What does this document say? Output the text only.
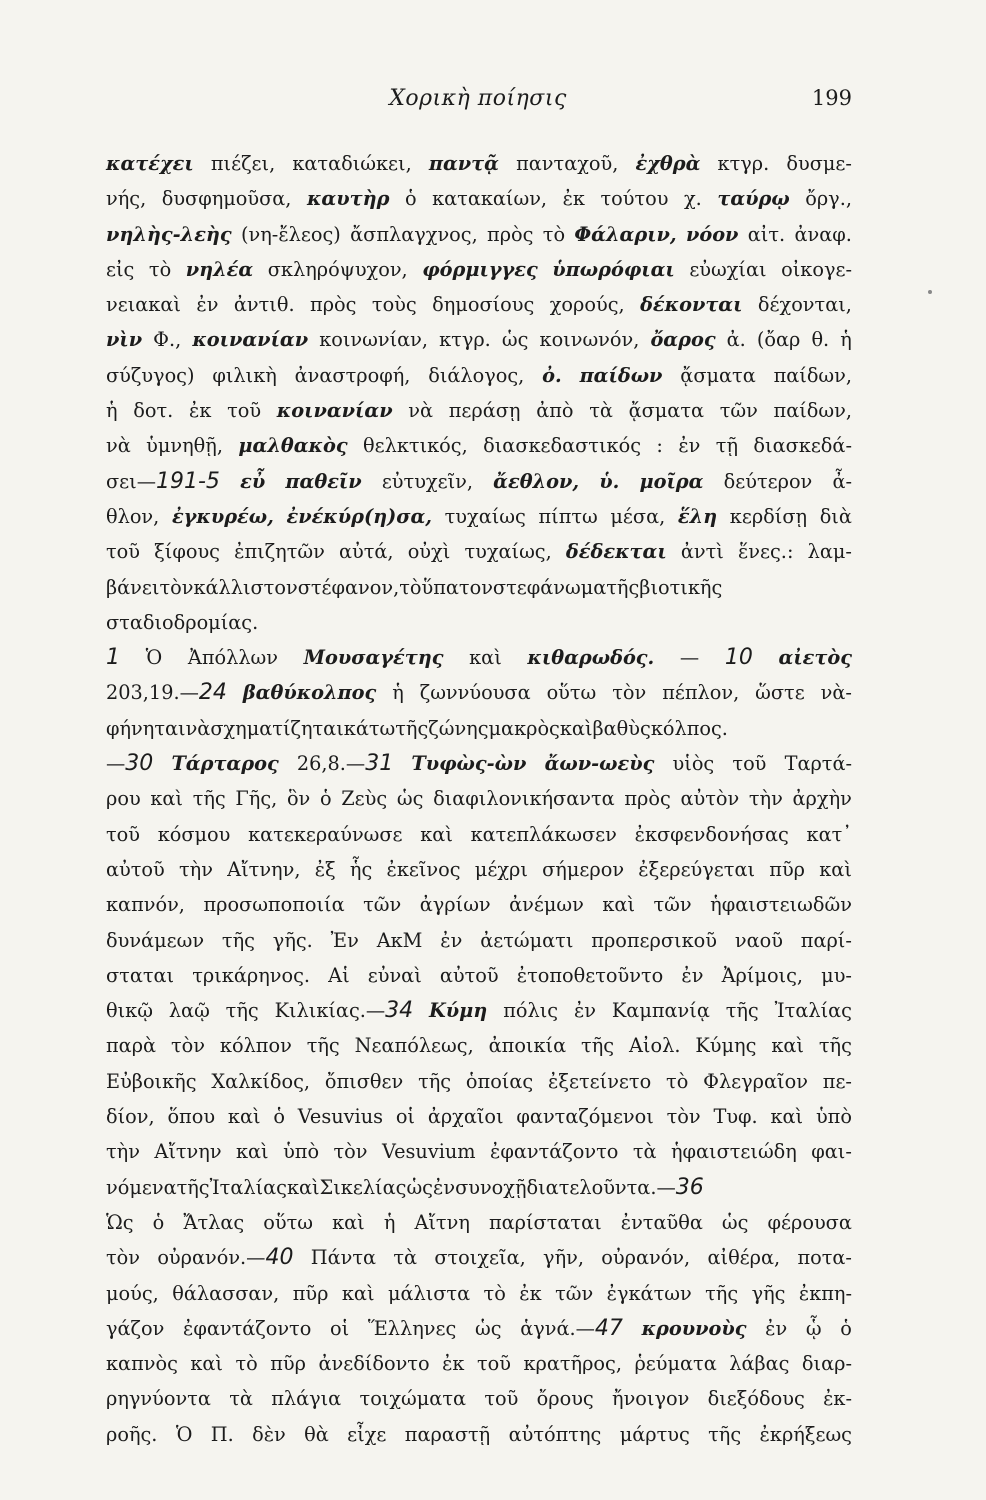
Χορικὴ ποίησις	199
κατέχει πιέζει, καταδιώκει, παντᾷ πανταχοῦ, ἐχθρὰ κτγρ. δυσμε-
νής, δυσφημοῦσα, καυτὴρ ὁ κατακαίων, ἐκ τούτου χ. ταύρῳ ὄργ.,
νηλὴς-λεὴς (νη-ἔλεος) ἄσπλαγχνος, πρὸς τὸ Φάλαριν, νόον αἰτ. ἀναφ.
εἰς τὸ νηλέα σκληρόψυχον, φόρμιγγες ὑπωρόφιαι εὐωχίαι οἰκογε-
νειακαὶ ἐν ἀντιθ. πρὸς τοὺς δημοσίους χορούς, δέκονται δέχονται,
νὶν Φ., κοινανίαν κοινωνίαν, κτγρ. ὡς κοινωνόν, ὄαρος ἀ. (ὄαρ θ. ἡ
σύζυγος) φιλικὴ ἀναστροφή, διάλογος, ὀ. παίδων ᾄσματα παίδων,
ἡ δοτ. ἐκ τοῦ κοινανίαν νὰ περάσῃ ἀπὸ τὰ ᾄσματα τῶν παίδων,
νὰ ὑμνηθῇ, μαλθακὸς θελκτικός, διασκεδαστικός : ἐν τῇ διασκεδά-
σει—191-5 εὖ παθεῖν εὐτυχεῖν, ἄεθλον, ὑ. μοῖρα δεύτερον ἆ-
θλον, ἐγκυρέω, ἐνέκύρ(η)σα, τυχαίως πίπτω μέσα, ἕλη κερδίσῃ διὰ
τοῦ ξίφους ἐπιζητῶν αὐτά, οὐχὶ τυχαίως, δέδεκται ἀντὶ ἕνες.: λαμ-
βάνει τὸν κάλλιστον στέφανον, τὸ ὕπατον στεφάνωμα τῆς βιοτικῆς
σταδιοδρομίας.
1 Ὁ Ἀπόλλων Μουσαγέτης καὶ κιθαρωδός. — 10 αἰετὸς
203,19.—24 βαθύκολπος ἡ ζωννύουσα οὕτω τὸν πέπλον, ὥστε νὰ-
φήνηται νὰ σχηματίζηται κάτω τῆς ζώνης μακρὸς καὶ βαθὺς κόλπος.
—30 Τάρταρος 26,8.—31 Τυφὼς-ὼν ἄων-ωεὺς υἱὸς τοῦ Ταρτά-
ρου καὶ τῆς Γῆς, ὃν ὁ Ζεὺς ὡς διαφιλονικήσαντα πρὸς αὐτὸν τὴν ἀρχὴν
τοῦ κόσμου κατεκεραύνωσε καὶ κατεπλάκωσεν ἐκσφενδονήσας κατ᾽
αὐτοῦ τὴν Αἴτνην, ἐξ ἧς ἐκεῖνος μέχρι σήμερον ἐξερεύγεται πῦρ καὶ
καπνόν, προσωποποιία τῶν ἀγρίων ἀνέμων καὶ τῶν ἡφαιστειωδῶν
δυνάμεων τῆς γῆς. Ἐν ΑκΜ ἐν ἀετώματι προπερσικοῦ ναοῦ παρί-
σταται τρικάρηνος. Αἱ εὐναὶ αὐτοῦ ἐτοποθετοῦντο ἐν Ἀρίμοις, μυ-
θικῷ λαῷ τῆς Κιλικίας.—34 Κύμη πόλις ἐν Καμπανίᾳ τῆς Ἰταλίας
παρὰ τὸν κόλπον τῆς Νεαπόλεως, ἀποικία τῆς Αἰολ. Κύμης καὶ τῆς
Εὐβοικῆς Χαλκίδος, ὄπισθεν τῆς ὁποίας ἐξετείνετο τὸ Φλεγραῖον πε-
δίον, ὅπου καὶ ὁ Vesuvius οἱ ἀρχαῖοι φανταζόμενοι τὸν Τυφ. καὶ ὑπὸ
τὴν Αἴτνην καὶ ὑπὸ τὸν Vesuvium ἐφαντάζοντο τὰ ἡφαιστειώδη φαι-
νόμενα τῆς Ἰταλίας καὶ Σικελίας ὡς ἐν συνοχῇ διατελοῦντα.—36
Ὡς ὁ Ἄτλας οὕτω καὶ ἡ Αἴτνη παρίσταται ἐνταῦθα ὡς φέρουσα
τὸν οὐρανόν.—40 Πάντα τὰ στοιχεῖα, γῆν, οὐρανόν, αἰθέρα, ποτα-
μούς, θάλασσαν, πῦρ καὶ μάλιστα τὸ ἐκ τῶν ἐγκάτων τῆς γῆς ἐκπη-
γάζον ἐφαντάζοντο οἱ Ἕλληνες ὡς ἁγνά.—47 κρουνοὺς ἐν ᾧ ὁ
καπνὸς καὶ τὸ πῦρ ἀνεδίδοντο ἐκ τοῦ κρατῆρος, ῥεύματα λάβας διαρ-
ρηγνύοντα τὰ πλάγια τοιχώματα τοῦ ὄρους ἤνοιγον διεξόδους ἐκ-
ροῆς. Ὁ Π. δὲν θὰ εἶχε παραστῇ αὐτόπτης μάρτυς τῆς ἐκρήξεως
